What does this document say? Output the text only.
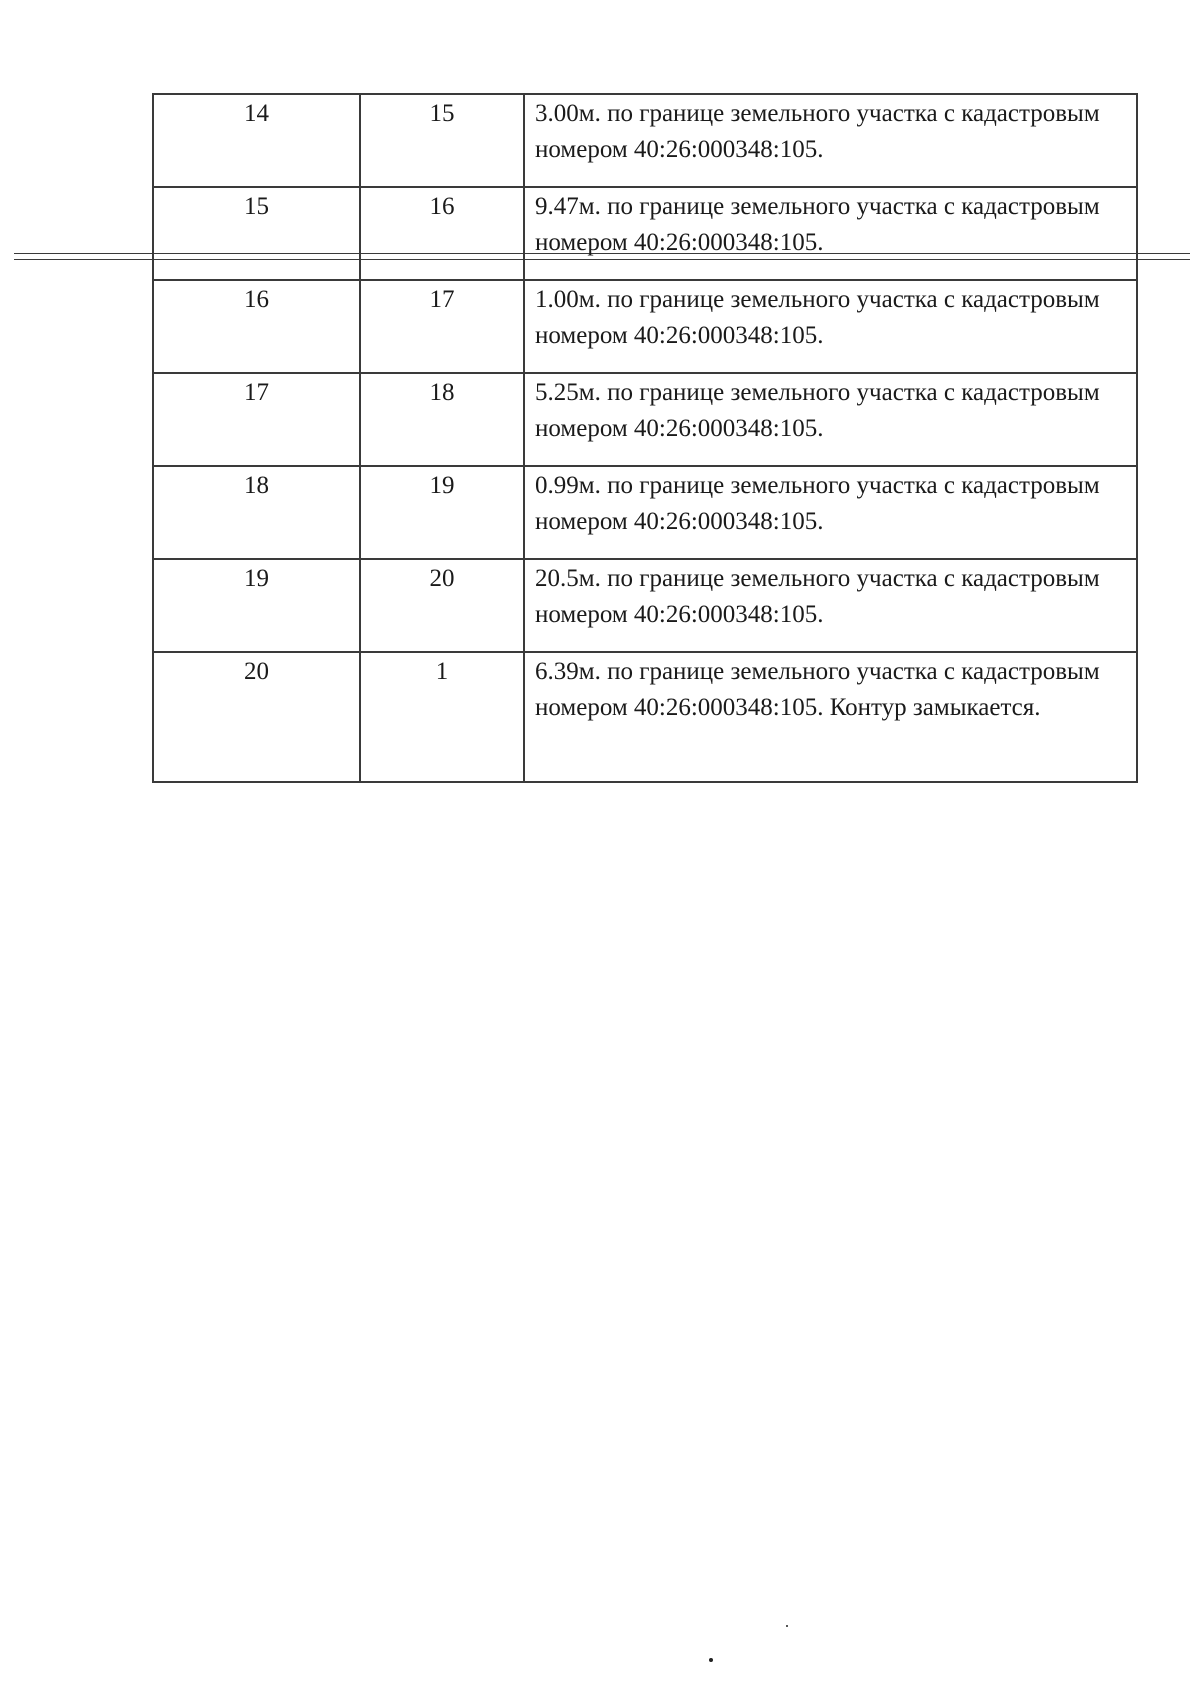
14	15	3.00м. по границе земельного участка с кадастровым номером 40:26:000348:105.
15	16	9.47м. по границе земельного участка с кадастровым номером 40:26:000348:105.
16	17	1.00м. по границе земельного участка с кадастровым номером 40:26:000348:105.
17	18	5.25м. по границе земельного участка с кадастровым номером 40:26:000348:105.
18	19	0.99м. по границе земельного участка с кадастровым номером 40:26:000348:105.
19	20	20.5м. по границе земельного участка с кадастровым номером 40:26:000348:105.
20	1	6.39м. по границе земельного участка с кадастровым номером 40:26:000348:105. Контур замыкается.
